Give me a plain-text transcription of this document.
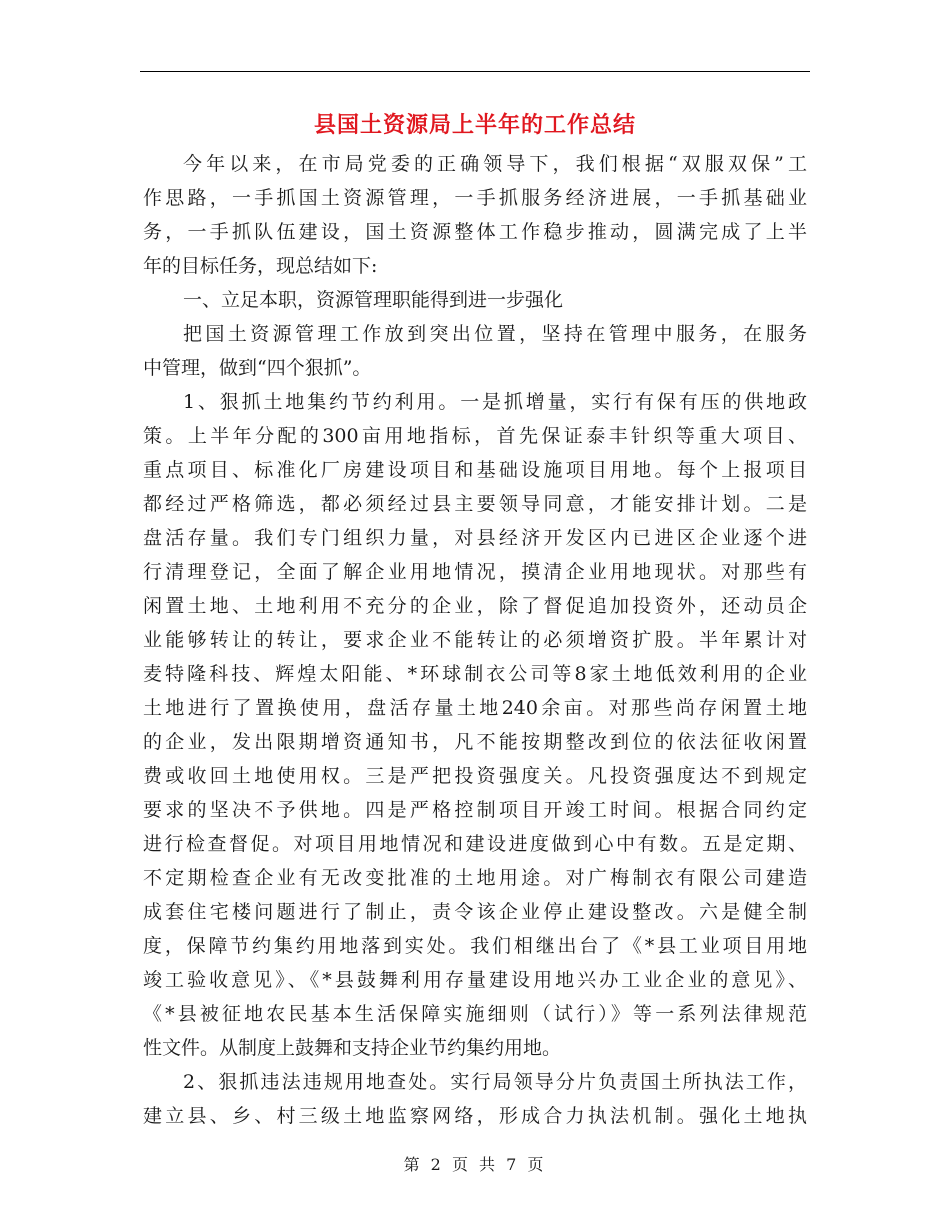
县国土资源局上半年的工作总结
今年以来，在市局党委的正确领导下，我们根据“双服双保”工
作思路，一手抓国土资源管理，一手抓服务经济进展，一手抓基础业
务，一手抓队伍建设，国土资源整体工作稳步推动，圆满完成了上半
年的目标任务，现总结如下:
一、立足本职，资源管理职能得到进一步强化
把国土资源管理工作放到突出位置，坚持在管理中服务，在服务
中管理，做到“四个狠抓”。
1、狠抓土地集约节约利用。一是抓增量，实行有保有压的供地政
策。上半年分配的300亩用地指标，首先保证泰丰针织等重大项目、
重点项目、标准化厂房建设项目和基础设施项目用地。每个上报项目
都经过严格筛选，都必须经过县主要领导同意，才能安排计划。二是
盘活存量。我们专门组织力量，对县经济开发区内已进区企业逐个进
行清理登记，全面了解企业用地情况，摸清企业用地现状。对那些有
闲置土地、土地利用不充分的企业，除了督促追加投资外，还动员企
业能够转让的转让，要求企业不能转让的必须增资扩股。半年累计对
麦特隆科技、辉煌太阳能、*环球制衣公司等8家土地低效利用的企业
土地进行了置换使用，盘活存量土地240余亩。对那些尚存闲置土地
的企业，发出限期增资通知书，凡不能按期整改到位的依法征收闲置
费或收回土地使用权。三是严把投资强度关。凡投资强度达不到规定
要求的坚决不予供地。四是严格控制项目开竣工时间。根据合同约定
进行检查督促。对项目用地情况和建设进度做到心中有数。五是定期、
不定期检查企业有无改变批准的土地用途。对广梅制衣有限公司建造
成套住宅楼问题进行了制止，责令该企业停止建设整改。六是健全制
度，保障节约集约用地落到实处。我们相继出台了《*县工业项目用地
竣工验收意见》、《*县鼓舞利用存量建设用地兴办工业企业的意见》、
《*县被征地农民基本生活保障实施细则（试行）》等一系列法律规范
性文件。从制度上鼓舞和支持企业节约集约用地。
2、狠抓违法违规用地查处。实行局领导分片负责国土所执法工作，
建立县、乡、村三级土地监察网络，形成合力执法机制。强化土地执
第 2 页 共 7 页
